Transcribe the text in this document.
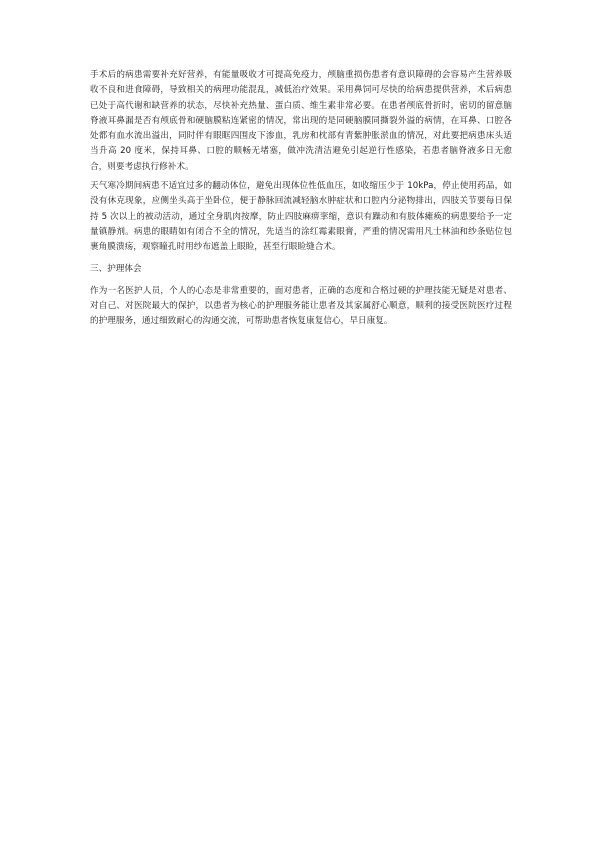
手术后的病患需要补充好营养，有能量吸收才可提高免疫力，颅脑重损伤患者有意识障碍的会容易产生营养吸收不良和进食障碍，导致相关的病理功能混乱，减低治疗效果。采用鼻饲可尽快的给病患提供营养，术后病患已处于高代谢和缺营养的状态，尽快补充热量、蛋白质、维生素非常必要。在患者颅底骨折时，密切的留意脑脊液耳鼻漏是否有颅底骨和硬脑膜粘连紧密的情况，常出现的是同硬脑膜同撕裂外溢的病情，在耳鼻、口腔各处都有血水流出溢出，同时伴有眼眶四围皮下渗血，乳房和枕部有青紫肿胀淤血的情况，对此要把病患床头适当升高 20 度米，保持耳鼻、口腔的顺畅无堵塞，做冲洗清洁避免引起逆行性感染，若患者脑脊液多日无愈合，则要考虑执行修补术。

天气寒冷期间病患不适宜过多的翻动体位，避免出现体位性低血压，如收缩压少于 10kPa，停止使用药品，如没有休克现象，应侧坐头高于坐卧位，便于静脉回流减轻脑水肿症状和口腔内分泌物排出，四肢关节要每日保持 5 次以上的被动活动，通过全身肌肉按摩，防止四肢麻痹挛缩，意识有躁动和有肢体瘫痪的病患要给予一定量镇静剂。病患的眼睛如有闭合不全的情况，先适当的涂红霉素眼膏，严重的情况需用凡士林油和纱条贴位包裹角膜溃疡，观察瞳孔时用纱布遮盖上眼睑，甚至行眼睑缝合术。

三、护理体会

作为一名医护人员，个人的心态是非常重要的，面对患者，正确的态度和合格过硬的护理技能无疑是对患者、对自己、对医院最大的保护，以患者为核心的护理服务能让患者及其家属舒心顺意，顺利的接受医院医疗过程的护理服务，通过细致耐心的沟通交流，可帮助患者恢复康复信心，早日康复。
